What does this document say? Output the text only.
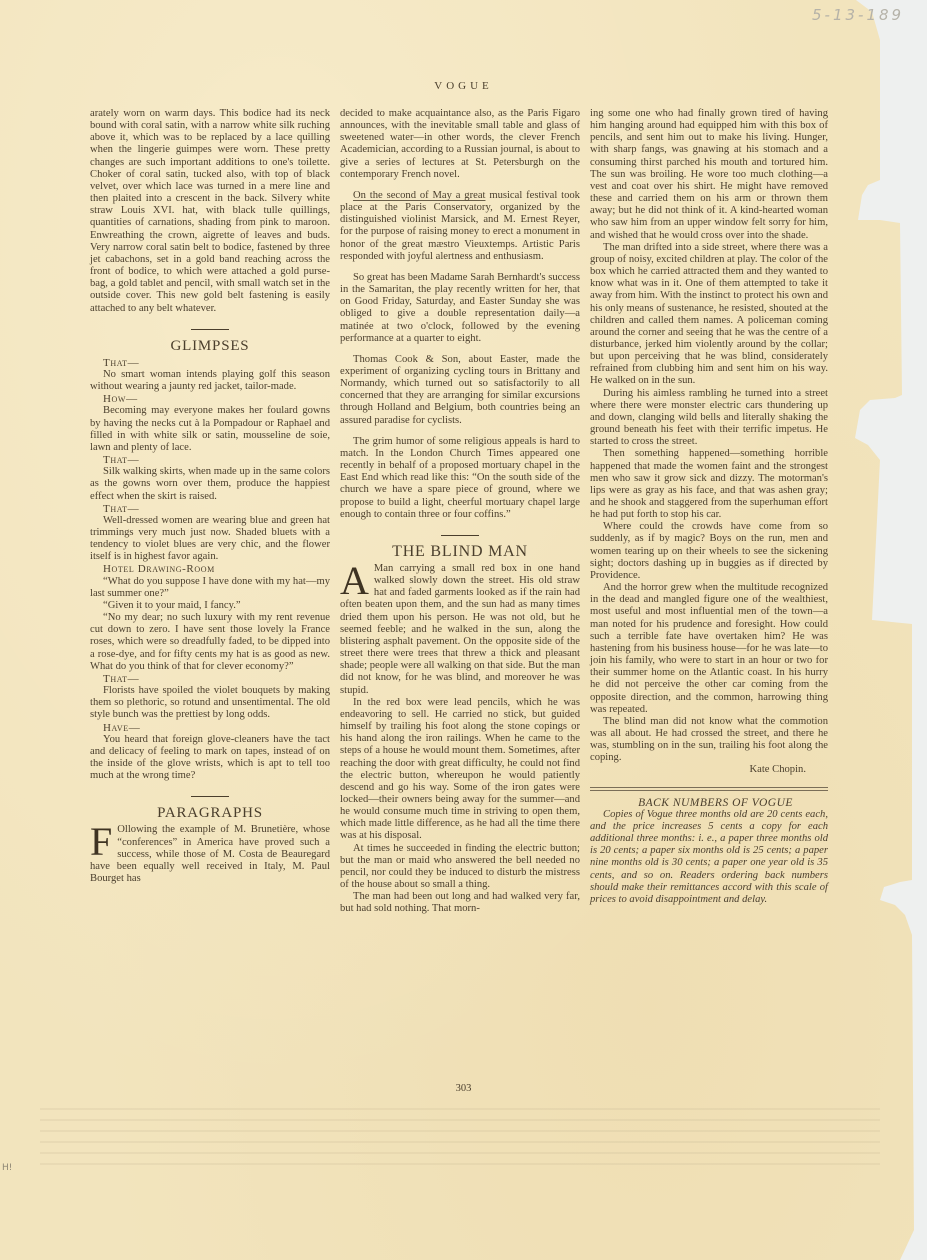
5-13-189
VOGUE

arately worn on warm days. This bodice had its neck bound with coral satin, with a narrow white silk ruching above it, which was to be replaced by a lace quilling when the lingerie guimpes were worn. These pretty changes are such important additions to one's toilette. Choker of coral satin, tucked also, with top of black velvet, over which lace was turned in a mere line and then plaited into a crescent in the back. Silvery white straw Louis XVI. hat, with black tulle quillings, quantities of carnations, shading from pink to maroon. Enwreathing the crown, aigrette of leaves and buds. Very narrow coral satin belt to bodice, fastened by three jet cabachons, set in a gold band reaching across the front of bodice, to which were attached a gold purse-bag, a gold tablet and pencil, with small watch set in the outside cover. This new gold belt fastening is easily attached to any belt whatever.

GLIMPSES

That—

No smart woman intends playing golf this season without wearing a jaunty red jacket, tailor-made.

How—

Becoming may everyone makes her foulard gowns by having the necks cut à la Pompadour or Raphael and filled in with white silk or satin, mousseline de soie, lawn and plenty of lace.

That—

Silk walking skirts, when made up in the same colors as the gowns worn over them, produce the happiest effect when the skirt is raised.

That—

Well-dressed women are wearing blue and green hat trimmings very much just now. Shaded bluets with a tendency to violet blues are very chic, and the flower itself is in highest favor again.

Hotel Drawing-Room

“What do you suppose I have done with my hat—my last summer one?”

“Given it to your maid, I fancy.”

“No my dear; no such luxury with my rent revenue cut down to zero. I have sent those lovely la France roses, which were so dreadfully faded, to be dipped into a rose-dye, and for fifty cents my hat is as good as new. What do you think of that for clever economy?”

That—

Florists have spoiled the violet bouquets by making them so plethoric, so rotund and unsentimental. The old style bunch was the prettiest by long odds.

Have—

You heard that foreign glove-cleaners have the tact and delicacy of feeling to mark on tapes, instead of on the inside of the glove wrists, which is apt to tell too much at the wrong time?

PARAGRAPHS

F Ollowing the example of M. Brunetière, whose “conferences” in America have proved such a success, while those of M. Costa de Beauregard have been equally well received in Italy, M. Paul Bourget has

decided to make acquaintance also, as the Paris Figaro announces, with the inevitable small table and glass of sweetened water—in other words, the clever French Academician, according to a Russian journal, is about to give a series of lectures at St. Petersburgh on the contemporary French novel.

On the second of May a great musical festival took place at the Paris Conservatory, organized by the distinguished violinist Marsick, and M. Ernest Reyer, for the purpose of raising money to erect a monument in honor of the great mæstro Vieuxtemps. Artistic Paris responded with joyful alertness and enthusiasm.

So great has been Madame Sarah Bernhardt's success in the Samaritan, the play recently written for her, that on Good Friday, Saturday, and Easter Sunday she was obliged to give a double representation daily—a matinée at two o'clock, followed by the evening performance at a quarter to eight.

Thomas Cook & Son, about Easter, made the experiment of organizing cycling tours in Brittany and Normandy, which turned out so satisfactorily to all concerned that they are arranging for similar excursions through Holland and Belgium, both countries being an assured paradise for cyclists.

The grim humor of some religious appeals is hard to match. In the London Church Times appeared one recently in behalf of a proposed mortuary chapel in the East End which read like this: “On the south side of the church we have a spare piece of ground, where we propose to build a light, cheerful mortuary chapel large enough to contain three or four coffins.”

THE BLIND MAN

A Man carrying a small red box in one hand walked slowly down the street. His old straw hat and faded garments looked as if the rain had often beaten upon them, and the sun had as many times dried them upon his person. He was not old, but he seemed feeble; and he walked in the sun, along the blistering asphalt pavement. On the opposite side of the street there were trees that threw a thick and pleasant shade; people were all walking on that side. But the man did not know, for he was blind, and moreover he was stupid.

In the red box were lead pencils, which he was endeavoring to sell. He carried no stick, but guided himself by trailing his foot along the stone copings or his hand along the iron railings. When he came to the steps of a house he would mount them. Sometimes, after reaching the door with great difficulty, he could not find the electric button, whereupon he would patiently descend and go his way. Some of the iron gates were locked—their owners being away for the summer—and he would consume much time in striving to open them, which made little difference, as he had all the time there was at his disposal.

At times he succeeded in finding the electric button; but the man or maid who answered the bell needed no pencil, nor could they be induced to disturb the mistress of the house about so small a thing.

The man had been out long and had walked very far, but had sold nothing. That morn-

ing some one who had finally grown tired of having him hanging around had equipped him with this box of pencils, and sent him out to make his living. Hunger, with sharp fangs, was gnawing at his stomach and a consuming thirst parched his mouth and tortured him. The sun was broiling. He wore too much clothing—a vest and coat over his shirt. He might have removed these and carried them on his arm or thrown them away; but he did not think of it. A kind-hearted woman who saw him from an upper window felt sorry for him, and wished that he would cross over into the shade.

The man drifted into a side street, where there was a group of noisy, excited children at play. The color of the box which he carried attracted them and they wanted to know what was in it. One of them attempted to take it away from him. With the instinct to protect his own and his only means of sustenance, he resisted, shouted at the children and called them names. A policeman coming around the corner and seeing that he was the centre of a disturbance, jerked him violently around by the collar; but upon perceiving that he was blind, considerately refrained from clubbing him and sent him on his way. He walked on in the sun.

During his aimless rambling he turned into a street where there were monster electric cars thundering up and down, clanging wild bells and literally shaking the ground beneath his feet with their terrific impetus. He started to cross the street.

Then something happened—something horrible happened that made the women faint and the strongest men who saw it grow sick and dizzy. The motorman's lips were as gray as his face, and that was ashen gray; and he shook and staggered from the superhuman effort he had put forth to stop his car.

Where could the crowds have come from so suddenly, as if by magic? Boys on the run, men and women tearing up on their wheels to see the sickening sight; doctors dashing up in buggies as if directed by Providence.

And the horror grew when the multitude recognized in the dead and mangled figure one of the wealthiest, most useful and most influential men of the town—a man noted for his prudence and foresight. How could such a terrible fate have overtaken him? He was hastening from his business house—for he was late—to join his family, who were to start in an hour or two for their summer home on the Atlantic coast. In his hurry he did not perceive the other car coming from the opposite direction, and the common, harrowing thing was repeated.

The blind man did not know what the commotion was all about. He had crossed the street, and there he was, stumbling on in the sun, trailing his foot along the coping.

Kate Chopin.

BACK NUMBERS OF VOGUE

Copies of Vogue three months old are 20 cents each, and the price increases 5 cents a copy for each additional three months: i. e., a paper three months old is 20 cents; a paper six months old is 25 cents; a paper nine months old is 30 cents; a paper one year old is 35 cents, and so on. Readers ordering back numbers should make their remittances accord with this scale of prices to avoid disappointment and delay.

303
H!
